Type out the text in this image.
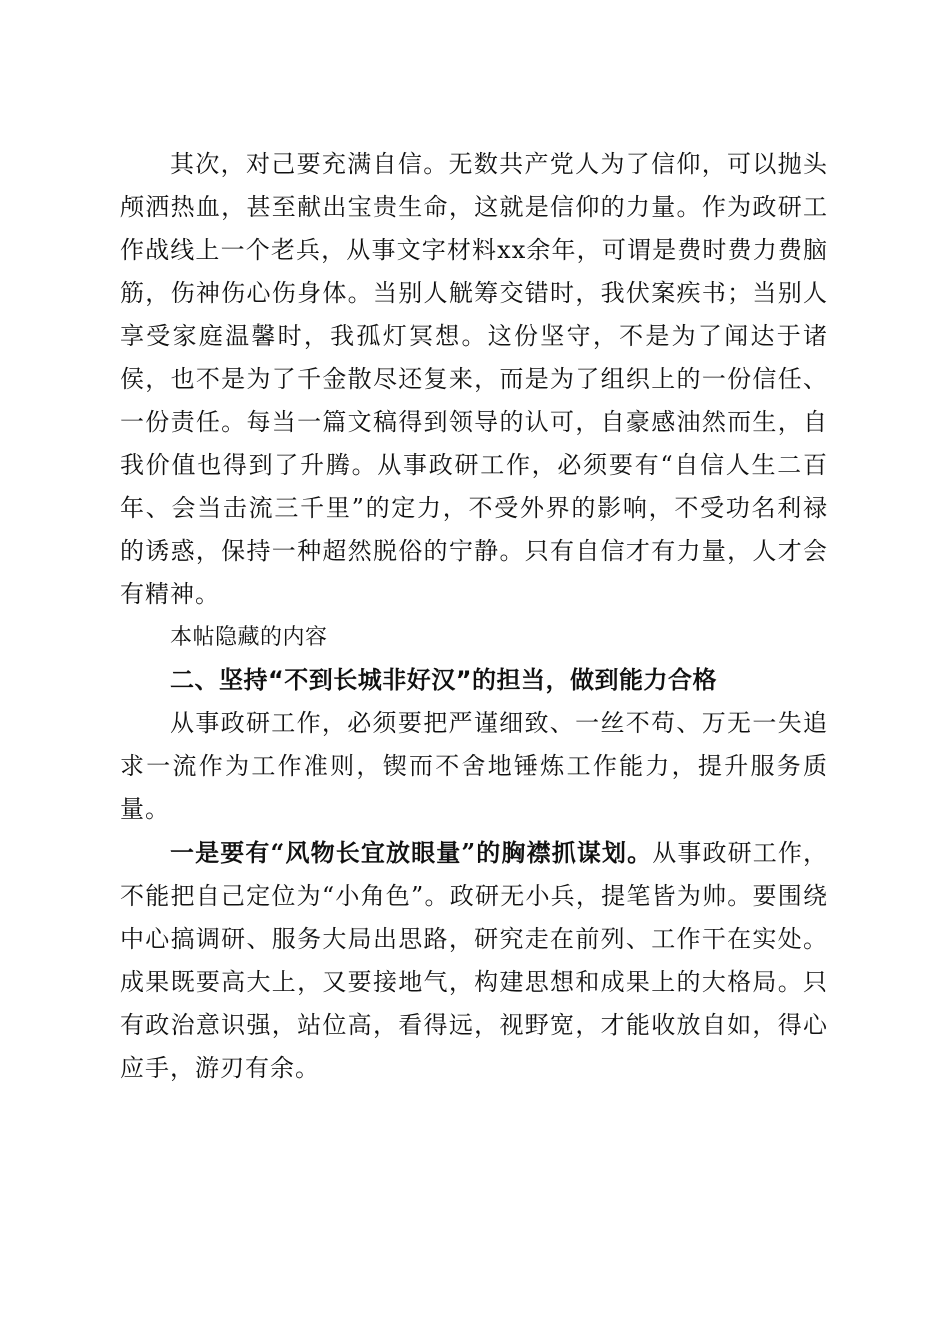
其次，对己要充满自信。无数共产党人为了信仰，可以抛头颅洒热血，甚至献出宝贵生命，这就是信仰的力量。作为政研工作战线上一个老兵，从事文字材料xx余年，可谓是费时费力费脑筋，伤神伤心伤身体。当别人觥筹交错时，我伏案疾书；当别人享受家庭温馨时，我孤灯冥想。这份坚守，不是为了闻达于诸侯，也不是为了千金散尽还复来，而是为了组织上的一份信任、一份责任。每当一篇文稿得到领导的认可，自豪感油然而生，自我价值也得到了升腾。从事政研工作，必须要有“自信人生二百年、会当击流三千里”的定力，不受外界的影响，不受功名利禄的诱惑，保持一种超然脱俗的宁静。只有自信才有力量，人才会有精神。

本帖隐藏的内容

二、坚持“不到长城非好汉”的担当，做到能力合格

从事政研工作，必须要把严谨细致、一丝不苟、万无一失追求一流作为工作准则，锲而不舍地锤炼工作能力，提升服务质量。

一是要有“风物长宜放眼量”的胸襟抓谋划。从事政研工作，不能把自己定位为“小角色”。政研无小兵，提笔皆为帅。要围绕中心搞调研、服务大局出思路，研究走在前列、工作干在实处。成果既要高大上，又要接地气，构建思想和成果上的大格局。只有政治意识强，站位高，看得远，视野宽，才能收放自如，得心应手，游刃有余。
